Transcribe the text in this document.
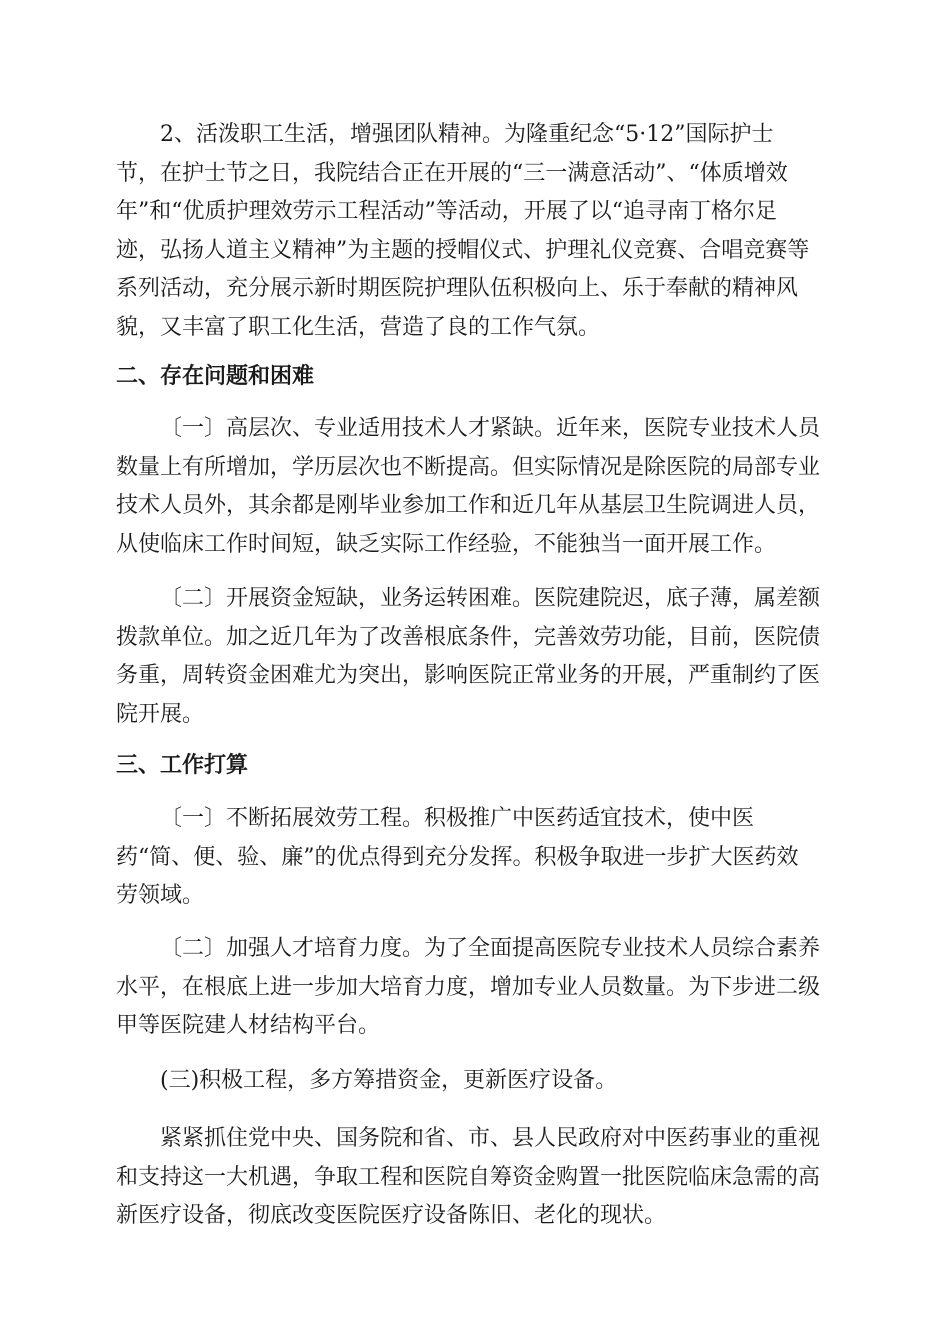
2、活泼职工生活，增强团队精神。为隆重纪念“5·12”国际护士
节，在护士节之日，我院结合正在开展的“三一满意活动”、“体质增效
年”和“优质护理效劳示工程活动”等活动，开展了以“追寻南丁格尔足
迹，弘扬人道主义精神”为主题的授帽仪式、护理礼仪竞赛、合唱竞赛等
系列活动，充分展示新时期医院护理队伍积极向上、乐于奉献的精神风
貌，又丰富了职工化生活，营造了良的工作气氛。
二、存在问题和困难
〔一〕高层次、专业适用技术人才紧缺。近年来，医院专业技术人员
数量上有所增加，学历层次也不断提高。但实际情况是除医院的局部专业
技术人员外，其余都是刚毕业参加工作和近几年从基层卫生院调进人员，
从使临床工作时间短，缺乏实际工作经验，不能独当一面开展工作。
〔二〕开展资金短缺，业务运转困难。医院建院迟，底子薄，属差额
拨款单位。加之近几年为了改善根底条件，完善效劳功能，目前，医院债
务重，周转资金困难尤为突出，影响医院正常业务的开展，严重制约了医
院开展。
三、工作打算
〔一〕不断拓展效劳工程。积极推广中医药适宜技术，使中医
药“简、便、验、廉”的优点得到充分发挥。积极争取进一步扩大医药效
劳领域。
〔二〕加强人才培育力度。为了全面提高医院专业技术人员综合素养
水平，在根底上进一步加大培育力度，增加专业人员数量。为下步进二级
甲等医院建人材结构平台。
(三)积极工程，多方筹措资金，更新医疗设备。
紧紧抓住党中央、国务院和省、市、县人民政府对中医药事业的重视
和支持这一大机遇，争取工程和医院自筹资金购置一批医院临床急需的高
新医疗设备，彻底改变医院医疗设备陈旧、老化的现状。
